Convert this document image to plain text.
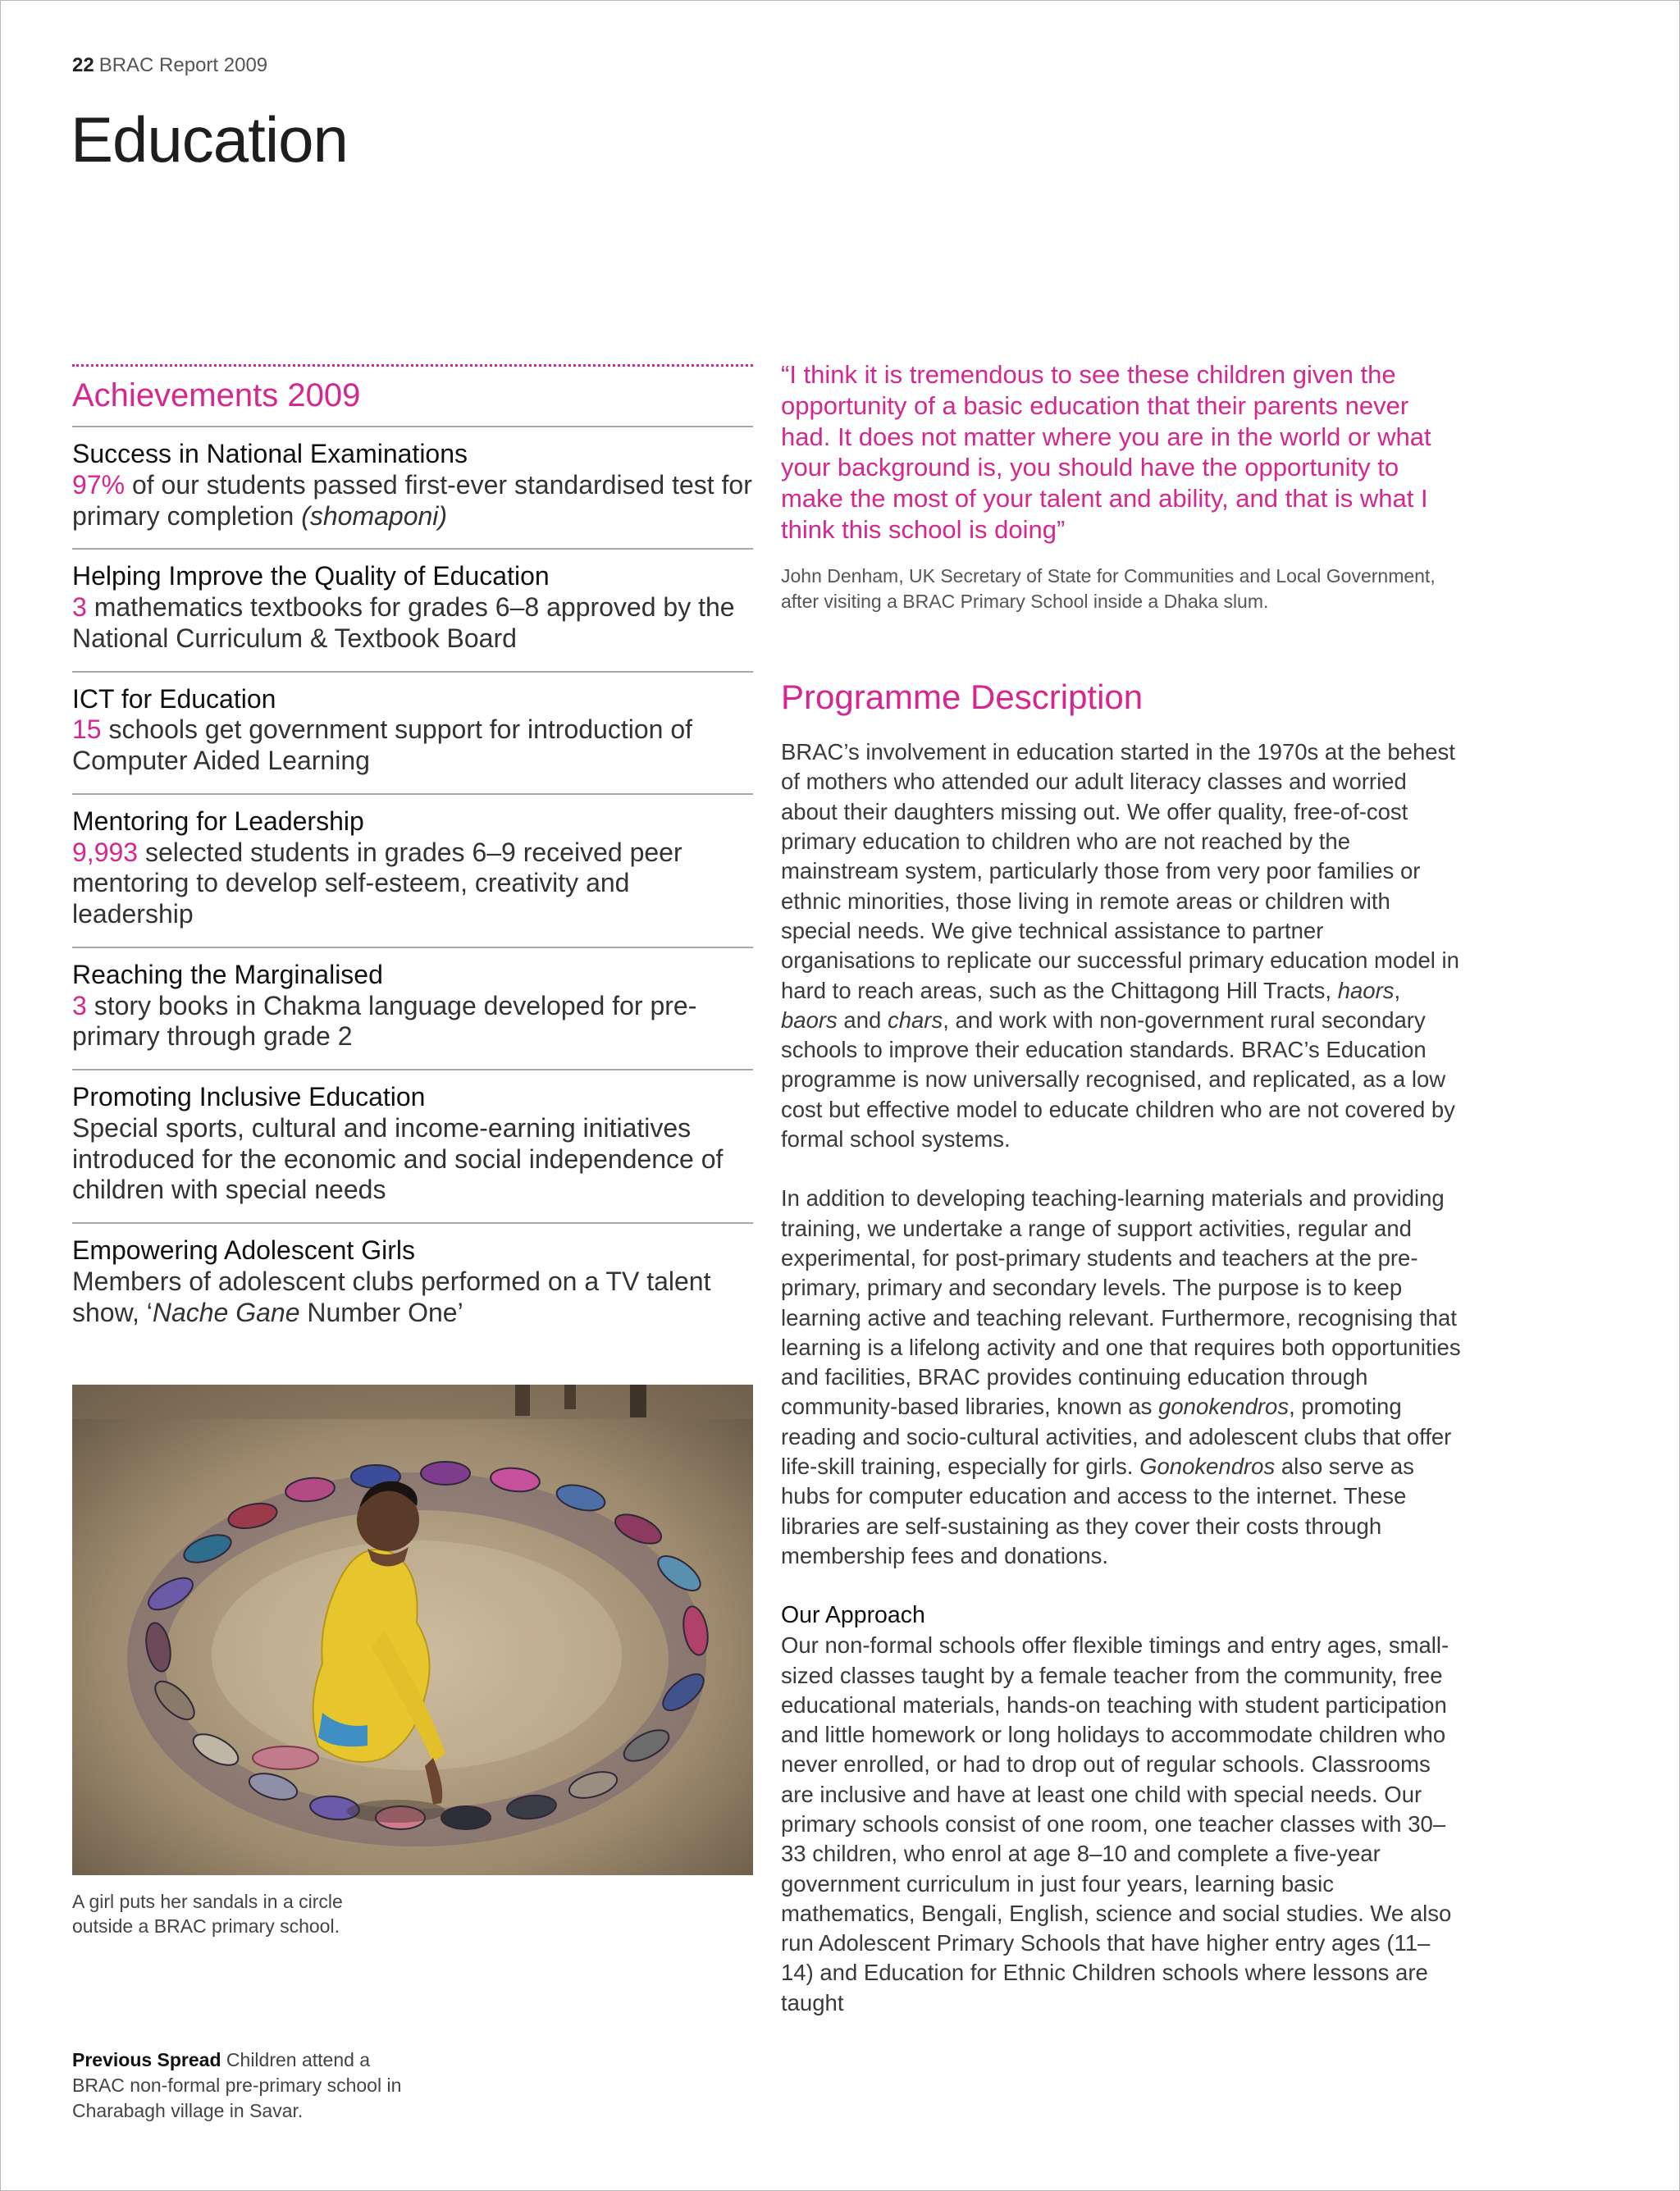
22 BRAC Report 2009
Education
Achievements 2009
Success in National Examinations

97% of our students passed first-ever standardised test for primary completion (shomaponi)

Helping Improve the Quality of Education

3 mathematics textbooks for grades 6–8 approved by the National Curriculum & Textbook Board

ICT for Education

15 schools get government support for introduction of Computer Aided Learning

Mentoring for Leadership

9,993 selected students in grades 6–9 received peer mentoring to develop self-esteem, creativity and leadership

Reaching the Marginalised

3 story books in Chakma language developed for pre-primary through grade 2

Promoting Inclusive Education

Special sports, cultural and income-earning initiatives introduced for the economic and social independence of children with special needs

Empowering Adolescent Girls

Members of adolescent clubs performed on a TV talent show, ‘Nache Gane Number One’

A girl puts her sandals in a circle outside a BRAC primary school.
Previous Spread Children attend a BRAC non-formal pre-primary school in Charabagh village in Savar.

“I think it is tremendous to see these children given the opportunity of a basic education that their parents never had. It does not matter where you are in the world or what your background is, you should have the opportunity to make the most of your talent and ability, and that is what I think this school is doing”

John Denham, UK Secretary of State for Communities and Local Government, after visiting a BRAC Primary School inside a Dhaka slum.
Programme Description

BRAC’s involvement in education started in the 1970s at the behest of mothers who attended our adult literacy classes and worried about their daughters missing out. We offer quality, free-of-cost primary education to children who are not reached by the mainstream system, particularly those from very poor families or ethnic minorities, those living in remote areas or children with special needs. We give technical assistance to partner organisations to replicate our successful primary education model in hard to reach areas, such as the Chittagong Hill Tracts, haors, baors and chars, and work with non-government rural secondary schools to improve their education standards. BRAC’s Education programme is now universally recognised, and replicated, as a low cost but effective model to educate children who are not covered by formal school systems.

In addition to developing teaching-learning materials and providing training, we undertake a range of support activities, regular and experimental, for post-primary students and teachers at the pre-primary, primary and secondary levels. The purpose is to keep learning active and teaching relevant. Furthermore, recognising that learning is a lifelong activity and one that requires both opportunities and facilities, BRAC provides continuing education through community-based libraries, known as gonokendros, promoting reading and socio-cultural activities, and adolescent clubs that offer life-skill training, especially for girls. Gonokendros also serve as hubs for computer education and access to the internet. These libraries are self-sustaining as they cover their costs through membership fees and donations.

Our Approach

Our non-formal schools offer flexible timings and entry ages, small-sized classes taught by a female teacher from the community, free educational materials, hands-on teaching with student participation and little homework or long holidays to accommodate children who never enrolled, or had to drop out of regular schools. Classrooms are inclusive and have at least one child with special needs. Our primary schools consist of one room, one teacher classes with 30–33 children, who enrol at age 8–10 and complete a five-year government curriculum in just four years, learning basic mathematics, Bengali, English, science and social studies. We also run Adolescent Primary Schools that have higher entry ages (11–14) and Education for Ethnic Children schools where lessons are taught
